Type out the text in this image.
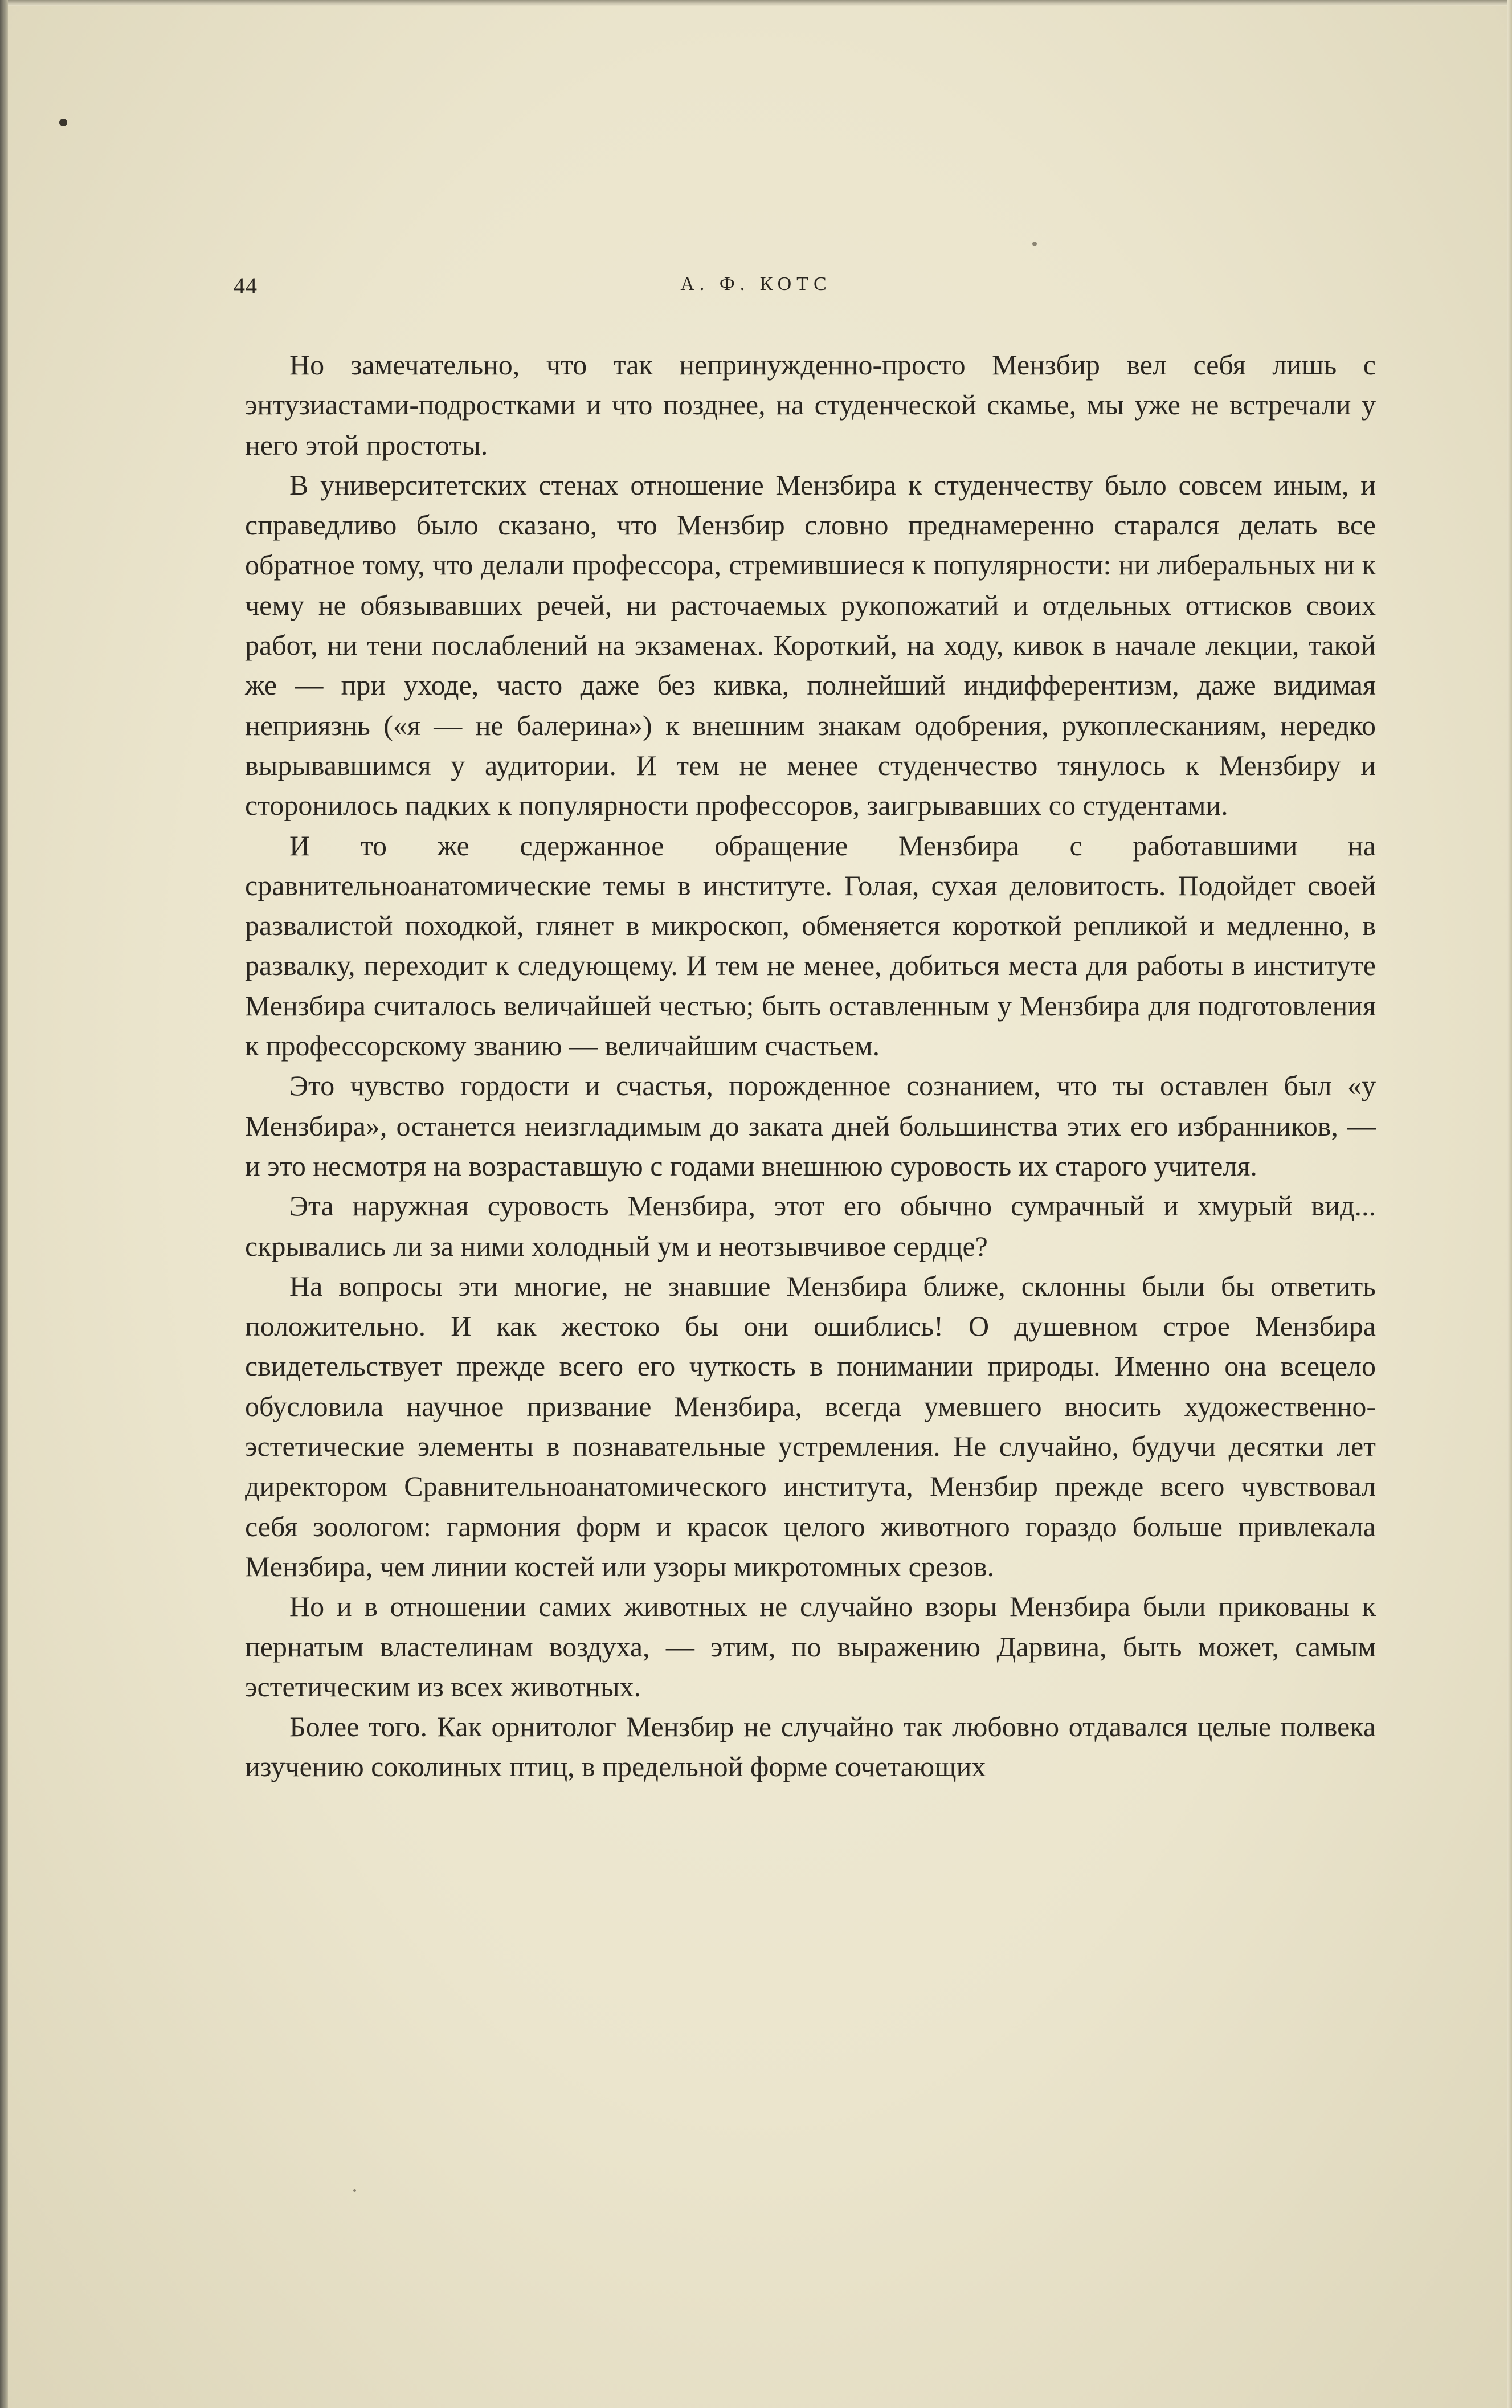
44	А. Ф. КОТС

Но замечательно, что так непринужденно-просто Мензбир вел себя лишь с энтузиастами-подростками и что позднее, на студенческой скамье, мы уже не встречали у него этой простоты.

В университетских стенах отношение Мензбира к студенчеству было совсем иным, и справедливо было сказано, что Мензбир словно преднамеренно старался делать все обратное тому, что делали профессора, стремившиеся к популярности: ни либеральных ни к чему не обязывавших речей, ни расточаемых рукопожатий и отдельных оттисков своих работ, ни тени послаблений на экзаменах. Короткий, на ходу, кивок в начале лекции, такой же — при уходе, часто даже без кивка, полнейший индифферентизм, даже видимая неприязнь («я — не балерина») к внешним знакам одобрения, рукоплесканиям, нередко вырывавшимся у аудитории. И тем не менее студенчество тянулось к Мензбиру и сторонилось падких к популярности профессоров, заигрывавших со студентами.

И то же сдержанное обращение Мензбира с работавшими на сравнительноанатомические темы в институте. Голая, сухая деловитость. Подойдет своей развалистой походкой, глянет в микроскоп, обменяется короткой репликой и медленно, в развалку, переходит к следующему. И тем не менее, добиться места для работы в институте Мензбира считалось величайшей честью; быть оставленным у Мензбира для подготовления к профессорскому званию — величайшим счастьем.

Это чувство гордости и счастья, порожденное сознанием, что ты оставлен был «у Мензбира», останется неизгладимым до заката дней большинства этих его избранников, — и это несмотря на возраставшую с годами внешнюю суровость их старого учителя.

Эта наружная суровость Мензбира, этот его обычно сумрачный и хмурый вид... скрывались ли за ними холодный ум и неотзывчивое сердце?

На вопросы эти многие, не знавшие Мензбира ближе, склонны были бы ответить положительно. И как жестоко бы они ошиблись! О душевном строе Мензбира свидетельствует прежде всего его чуткость в понимании природы. Именно она всецело обусловила научное призвание Мензбира, всегда умевшего вносить художественно-эстетические элементы в познавательные устремления. Не случайно, будучи десятки лет директором Сравнительноанатомического института, Мензбир прежде всего чувствовал себя зоологом: гармония форм и красок целого животного гораздо больше привлекала Мензбира, чем линии костей или узоры микротомных срезов.

Но и в отношении самих животных не случайно взоры Мензбира были прикованы к пернатым властелинам воздуха, — этим, по выражению Дарвина, быть может, самым эстетическим из всех животных.

Более того. Как орнитолог Мензбир не случайно так любовно отдавался целые полвека изучению соколиных птиц, в предельной форме сочетающих
